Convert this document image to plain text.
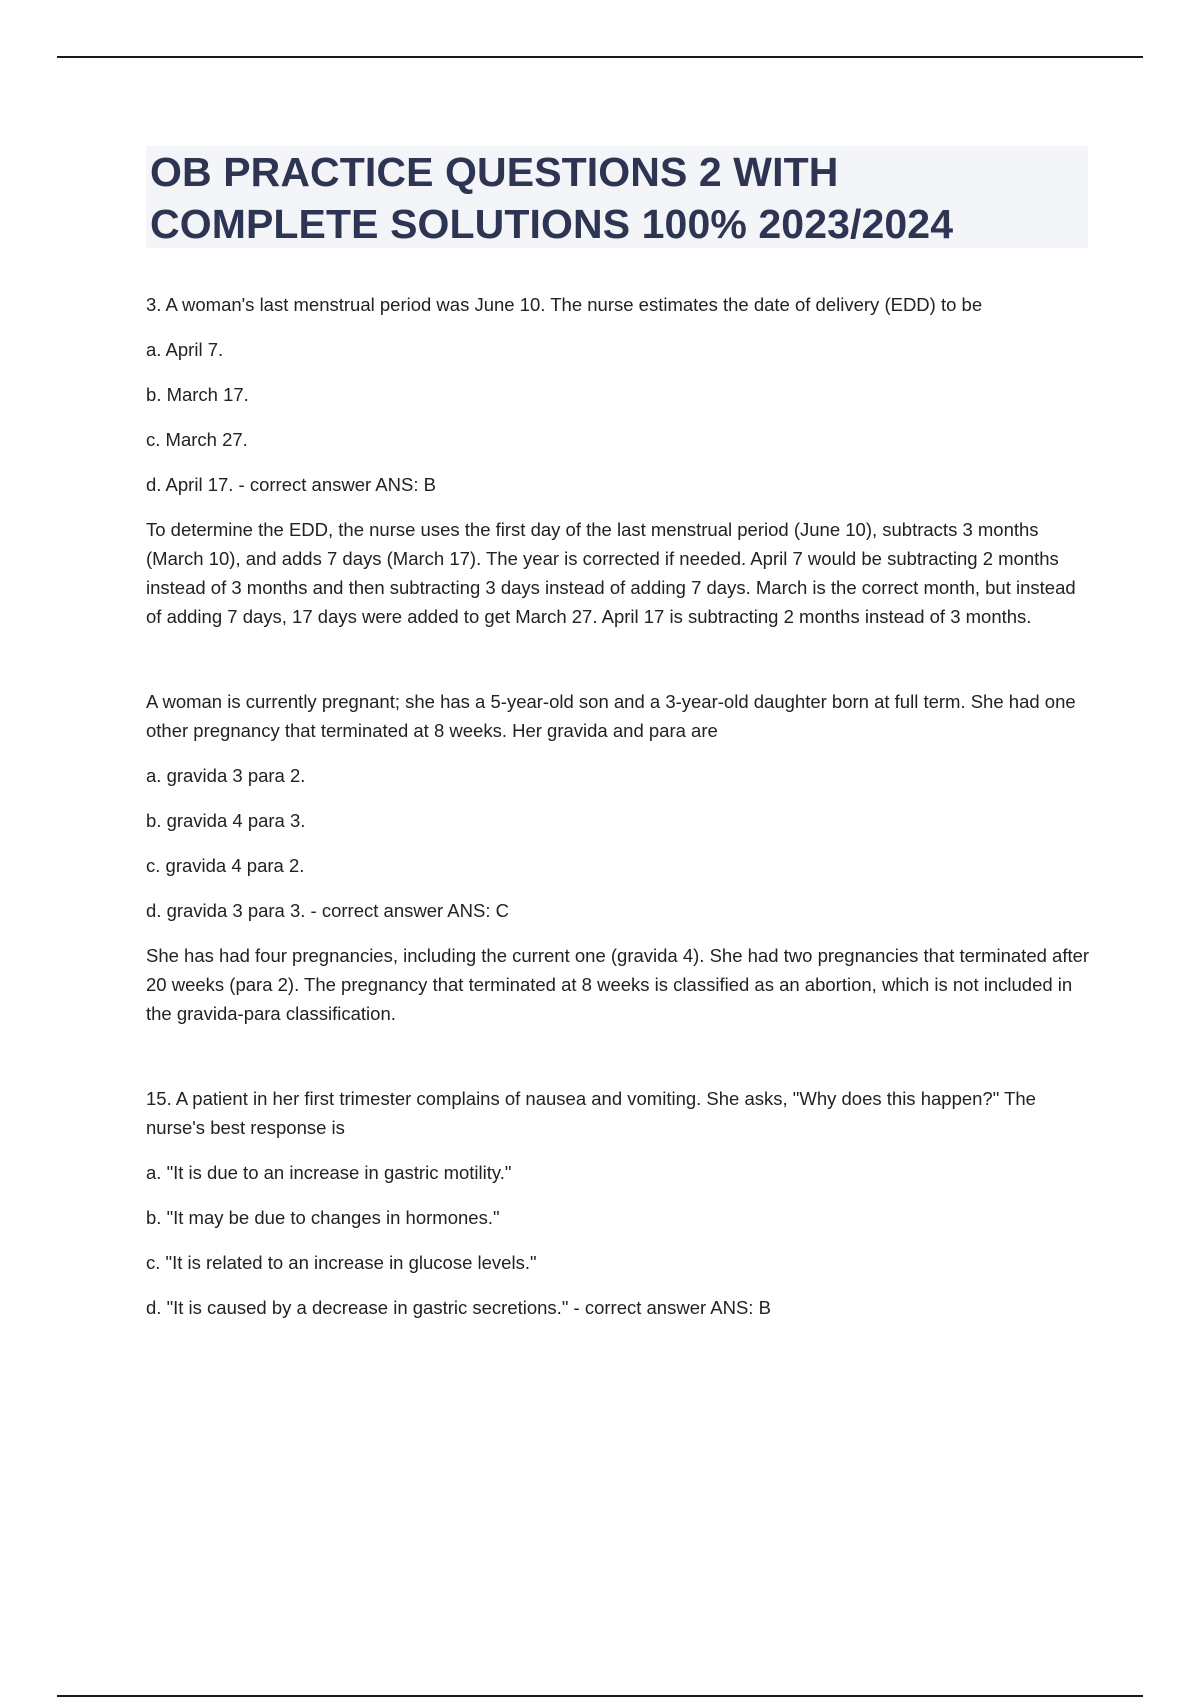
OB PRACTICE QUESTIONS 2 WITH
COMPLETE SOLUTIONS 100% 2023/2024

3. A woman's last menstrual period was June 10. The nurse estimates the date of delivery (EDD) to be

a. April 7.

b. March 17.

c. March 27.

d. April 17. - correct answer ANS: B

To determine the EDD, the nurse uses the first day of the last menstrual period (June 10), subtracts 3 months (March 10), and adds 7 days (March 17). The year is corrected if needed. April 7 would be subtracting 2 months instead of 3 months and then subtracting 3 days instead of adding 7 days. March is the correct month, but instead of adding 7 days, 17 days were added to get March 27. April 17 is subtracting 2 months instead of 3 months.

A woman is currently pregnant; she has a 5-year-old son and a 3-year-old daughter born at full term. She had one other pregnancy that terminated at 8 weeks. Her gravida and para are

a. gravida 3 para 2.

b. gravida 4 para 3.

c. gravida 4 para 2.

d. gravida 3 para 3. - correct answer ANS: C

She has had four pregnancies, including the current one (gravida 4). She had two pregnancies that terminated after 20 weeks (para 2). The pregnancy that terminated at 8 weeks is classified as an abortion, which is not included in the gravida-para classification.

15. A patient in her first trimester complains of nausea and vomiting. She asks, "Why does this happen?" The nurse's best response is

a. "It is due to an increase in gastric motility."

b. "It may be due to changes in hormones."

c. "It is related to an increase in glucose levels."

d. "It is caused by a decrease in gastric secretions." - correct answer ANS: B
